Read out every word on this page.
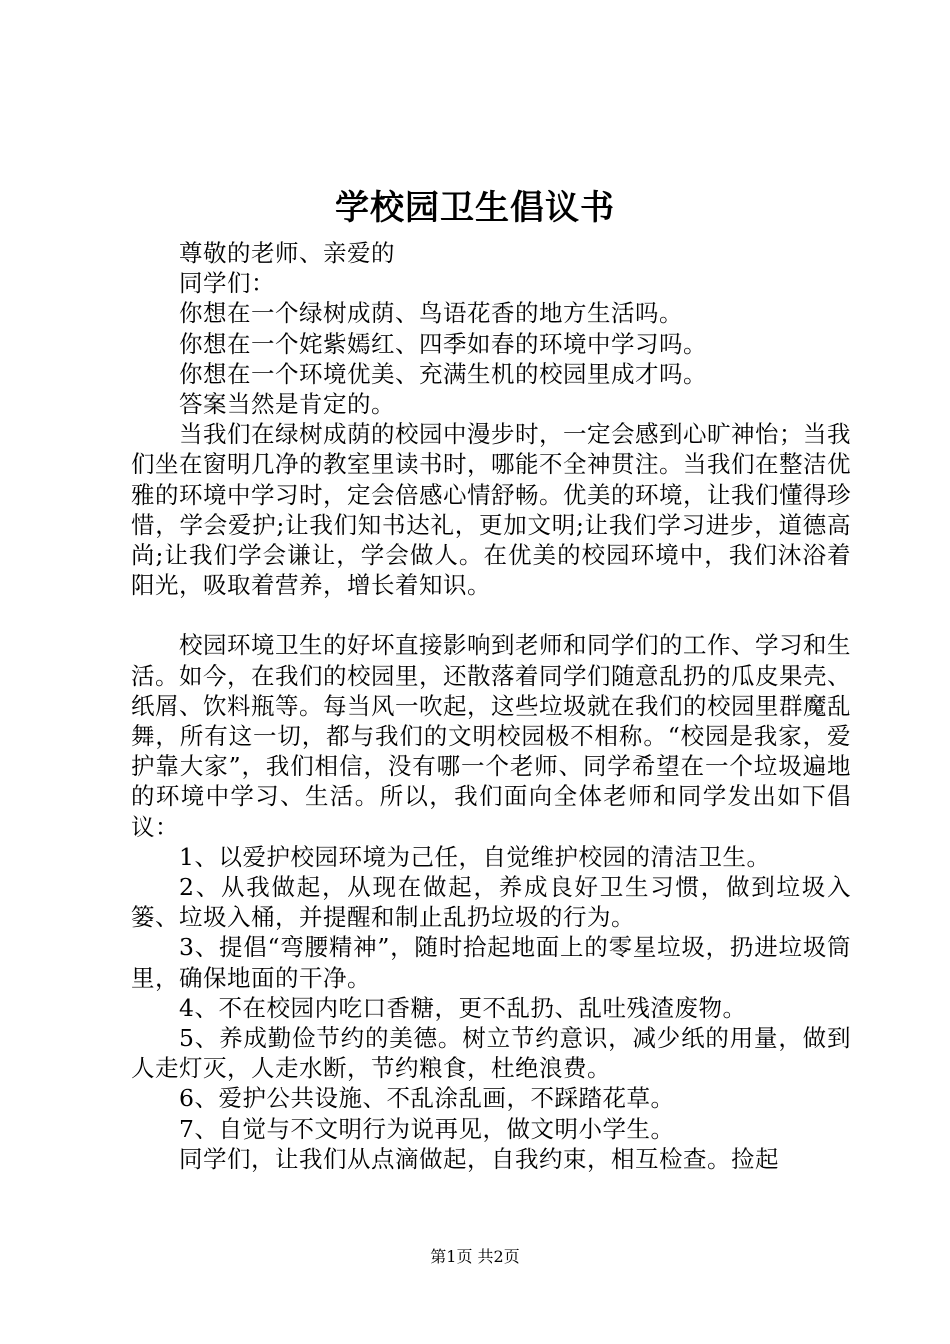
学校园卫生倡议书

尊敬的老师、亲爱的

同学们：

你想在一个绿树成荫、鸟语花香的地方生活吗。

你想在一个姹紫嫣红、四季如春的环境中学习吗。

你想在一个环境优美、充满生机的校园里成才吗。

答案当然是肯定的。

当我们在绿树成荫的校园中漫步时，一定会感到心旷神怡；当我们坐在窗明几净的教室里读书时，哪能不全神贯注。当我们在整洁优雅的环境中学习时，定会倍感心情舒畅。优美的环境，让我们懂得珍惜，学会爱护;让我们知书达礼，更加文明;让我们学习进步，道德高尚;让我们学会谦让，学会做人。在优美的校园环境中，我们沐浴着阳光，吸取着营养，增长着知识。

校园环境卫生的好坏直接影响到老师和同学们的工作、学习和生活。如今，在我们的校园里，还散落着同学们随意乱扔的瓜皮果壳、纸屑、饮料瓶等。每当风一吹起，这些垃圾就在我们的校园里群魔乱舞，所有这一切，都与我们的文明校园极不相称。“校园是我家，爱护靠大家”，我们相信，没有哪一个老师、同学希望在一个垃圾遍地的环境中学习、生活。所以，我们面向全体老师和同学发出如下倡议：

1、以爱护校园环境为己任，自觉维护校园的清洁卫生。

2、从我做起，从现在做起，养成良好卫生习惯，做到垃圾入篓、垃圾入桶，并提醒和制止乱扔垃圾的行为。

3、提倡“弯腰精神”，随时拾起地面上的零星垃圾，扔进垃圾筒里，确保地面的干净。

4、不在校园内吃口香糖，更不乱扔、乱吐残渣废物。

5、养成勤俭节约的美德。树立节约意识，减少纸的用量，做到人走灯灭，人走水断，节约粮食，杜绝浪费。

6、爱护公共设施、不乱涂乱画，不踩踏花草。

7、自觉与不文明行为说再见，做文明小学生。

同学们，让我们从点滴做起，自我约束，相互检查。捡起

第1页 共2页
